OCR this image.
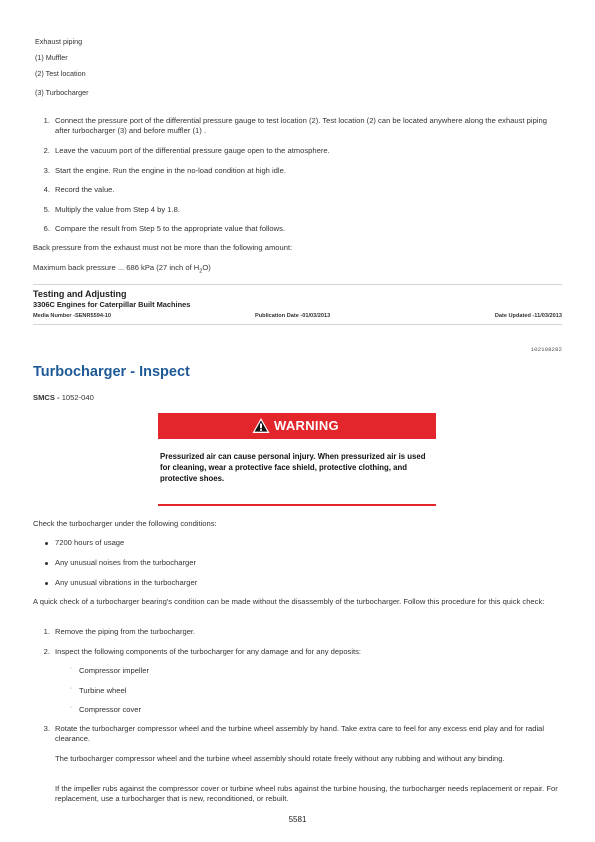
Exhaust piping
(1) Muffler
(2) Test location
(3) Turbocharger
1. Connect the pressure port of the differential pressure gauge to test location (2). Test location (2) can be located anywhere along the exhaust piping after turbocharger (3) and before muffler (1) .
2. Leave the vacuum port of the differential pressure gauge open to the atmosphere.
3. Start the engine. Run the engine in the no-load condition at high idle.
4. Record the value.
5. Multiply the value from Step 4 by 1.8.
6. Compare the result from Step 5 to the appropriate value that follows.
Back pressure from the exhaust must not be more than the following amount:
Maximum back pressure ... 686 kPa (27 inch of $H_2O$)
Testing and Adjusting
3306C Engines for Caterpillar Built Machines
Media Number -SENR5594-10	Publication Date -01/03/2013	Date Updated -11/03/2013
i02198282
Turbocharger - Inspect
SMCS - 1052-040
WARNING
Pressurized air can cause personal injury. When pressurized air is used for cleaning, wear a protective face shield, protective clothing, and protective shoes.
Check the turbocharger under the following conditions:
7200 hours of usage
Any unusual noises from the turbocharger
Any unusual vibrations in the turbocharger
A quick check of a turbocharger bearing's condition can be made without the disassembly of the turbocharger. Follow this procedure for this quick check:
1. Remove the piping from the turbocharger.
2. Inspect the following components of the turbocharger for any damage and for any deposits:
◦ Compressor impeller
◦ Turbine wheel
◦ Compressor cover
3. Rotate the turbocharger compressor wheel and the turbine wheel assembly by hand. Take extra care to feel for any excess end play and for radial clearance.
The turbocharger compressor wheel and the turbine wheel assembly should rotate freely without any rubbing and without any binding.
If the impeller rubs against the compressor cover or turbine wheel rubs against the turbine housing, the turbocharger needs replacement or repair. For replacement, use a turbocharger that is new, reconditioned, or rebuilt.
5581
